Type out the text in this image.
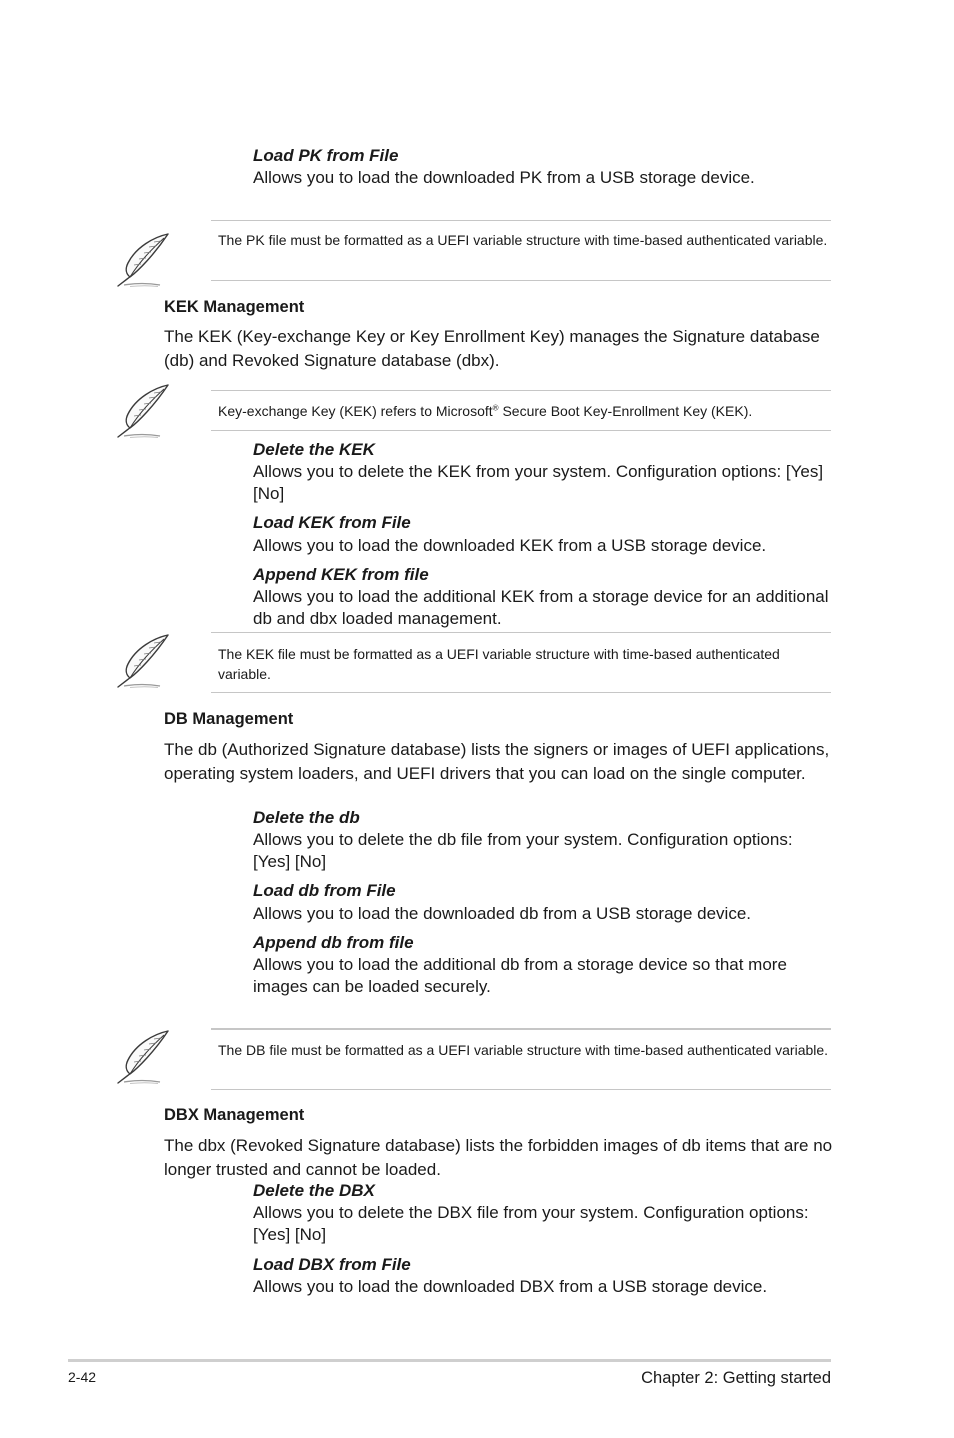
Load PK from File
Allows you to load the downloaded PK from a USB storage device.
The PK file must be formatted as a UEFI variable structure with time-based authenticated variable.
KEK Management
The KEK (Key-exchange Key or Key Enrollment Key) manages the Signature database (db) and Revoked Signature database (dbx).
Key-exchange Key (KEK) refers to Microsoft® Secure Boot Key-Enrollment Key (KEK).
Delete the KEK
Allows you to delete the KEK from your system. Configuration options: [Yes] [No]
Load KEK from File
Allows you to load the downloaded KEK from a USB storage device.
Append KEK from file
Allows you to load the additional KEK from a storage device for an additional db and dbx loaded management.
The KEK file must be formatted as a UEFI variable structure with time-based authenticated variable.
DB Management
The db (Authorized Signature database) lists the signers or images of UEFI applications, operating system loaders, and UEFI drivers that you can load on the single computer.
Delete the db
Allows you to delete the db file from your system. Configuration options: [Yes] [No]
Load db from File
Allows you to load the downloaded db from a USB storage device.
Append db from file
Allows you to load the additional db from a storage device so that more images can be loaded securely.
The DB file must be formatted as a UEFI variable structure with time-based authenticated variable.
DBX Management
The dbx (Revoked Signature database) lists the forbidden images of db items that are no longer trusted and cannot be loaded.
Delete the DBX
Allows you to delete the DBX file from your system. Configuration options: [Yes] [No]
Load DBX from File
Allows you to load the downloaded DBX from a USB storage device.
2-42	Chapter 2: Getting started
